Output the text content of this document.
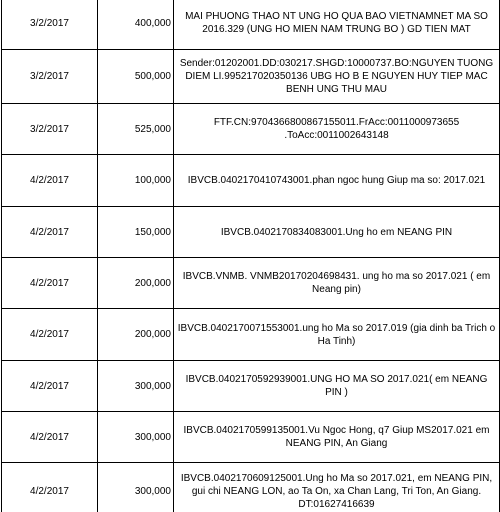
3/2/2017	400,000	MAI PHUONG THAO NT UNG HO QUA BAO VIETNAMNET MA SO 2016.329 (UNG HO MIEN NAM TRUNG BO ) GD TIEN MAT
3/2/2017	500,000	Sender:01202001.DD:030217.SHGD:10000737.BO:NGUYEN TUONG DIEM LI.995217020350136 UBG HO B E NGUYEN HUY TIEP MAC BENH UNG THU MAU
3/2/2017	525,000	FTF.CN:9704366800867155011.FrAcc:0011000973655 .ToAcc:0011002643148
4/2/2017	100,000	IBVCB.0402170410743001.phan ngoc hung Giup ma so: 2017.021
4/2/2017	150,000	IBVCB.0402170834083001.Ung ho em NEANG PIN
4/2/2017	200,000	IBVCB.VNMB. VNMB20170204698431. ung ho ma so 2017.021 ( em Neang pin)
4/2/2017	200,000	IBVCB.0402170071553001.ung ho Ma so 2017.019 (gia dinh ba Trich o Ha Tinh)
4/2/2017	300,000	IBVCB.0402170592939001.UNG HO MA SO 2017.021( em NEANG PIN )
4/2/2017	300,000	IBVCB.0402170599135001.Vu Ngoc Hong, q7 Giup MS2017.021 em NEANG PIN, An Giang
4/2/2017	300,000	IBVCB.0402170609125001.Ung ho Ma so 2017.021, em NEANG PIN, gui chi NEANG LON, ao Ta On, xa Chan Lang, Tri Ton, An Giang. DT:01627416639
